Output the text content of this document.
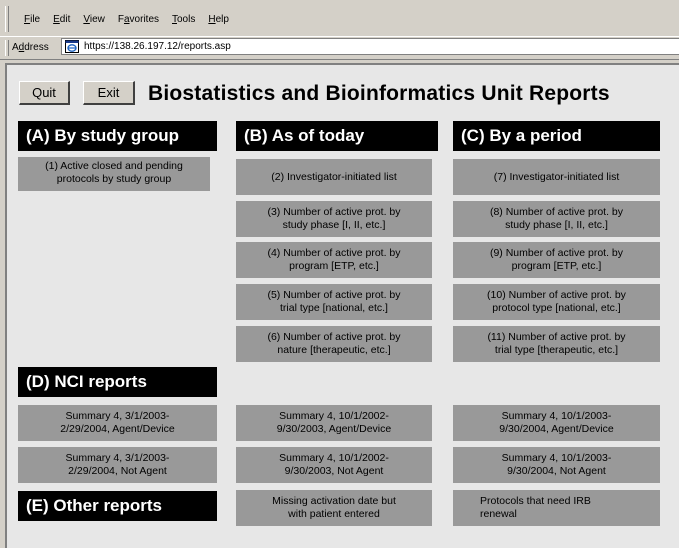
File Edit View Favorites Tools Help
Address	https://138.26.197.12/reports.asp
Quit	Exit	Biostatistics and Bioinformatics Unit Reports
(A) By study group	(B) As of today	(C) By a period
(1) Active closed and pending
protocols by study group	(2) Investigator-initiated list
(3) Number of active prot. by
study phase [I, II, etc.]
(4) Number of active prot. by
program [ETP, etc.]
(5) Number of active prot. by
trial type [national, etc.]
(6) Number of active prot. by
nature [therapeutic, etc.]
(7) Investigator-initiated list
(8) Number of active prot. by
study phase [I, II, etc.]
(9) Number of active prot. by
program [ETP, etc.]
(10) Number of active prot. by
protocol type [national, etc.]
(11) Number of active prot. by
trial type [therapeutic, etc.]
(D) NCI reports
Summary 4, 3/1/2003-
2/29/2004, Agent/Device
Summary 4, 10/1/2002-
9/30/2003, Agent/Device
Summary 4, 10/1/2003-
9/30/2004, Agent/Device
Summary 4, 3/1/2003-
2/29/2004, Not Agent
Summary 4, 10/1/2002-
9/30/2003, Not Agent
Summary 4, 10/1/2003-
9/30/2004, Not Agent
(E) Other reports	Missing activation date but
with patient entered
Protocols that need IRB
renewal
